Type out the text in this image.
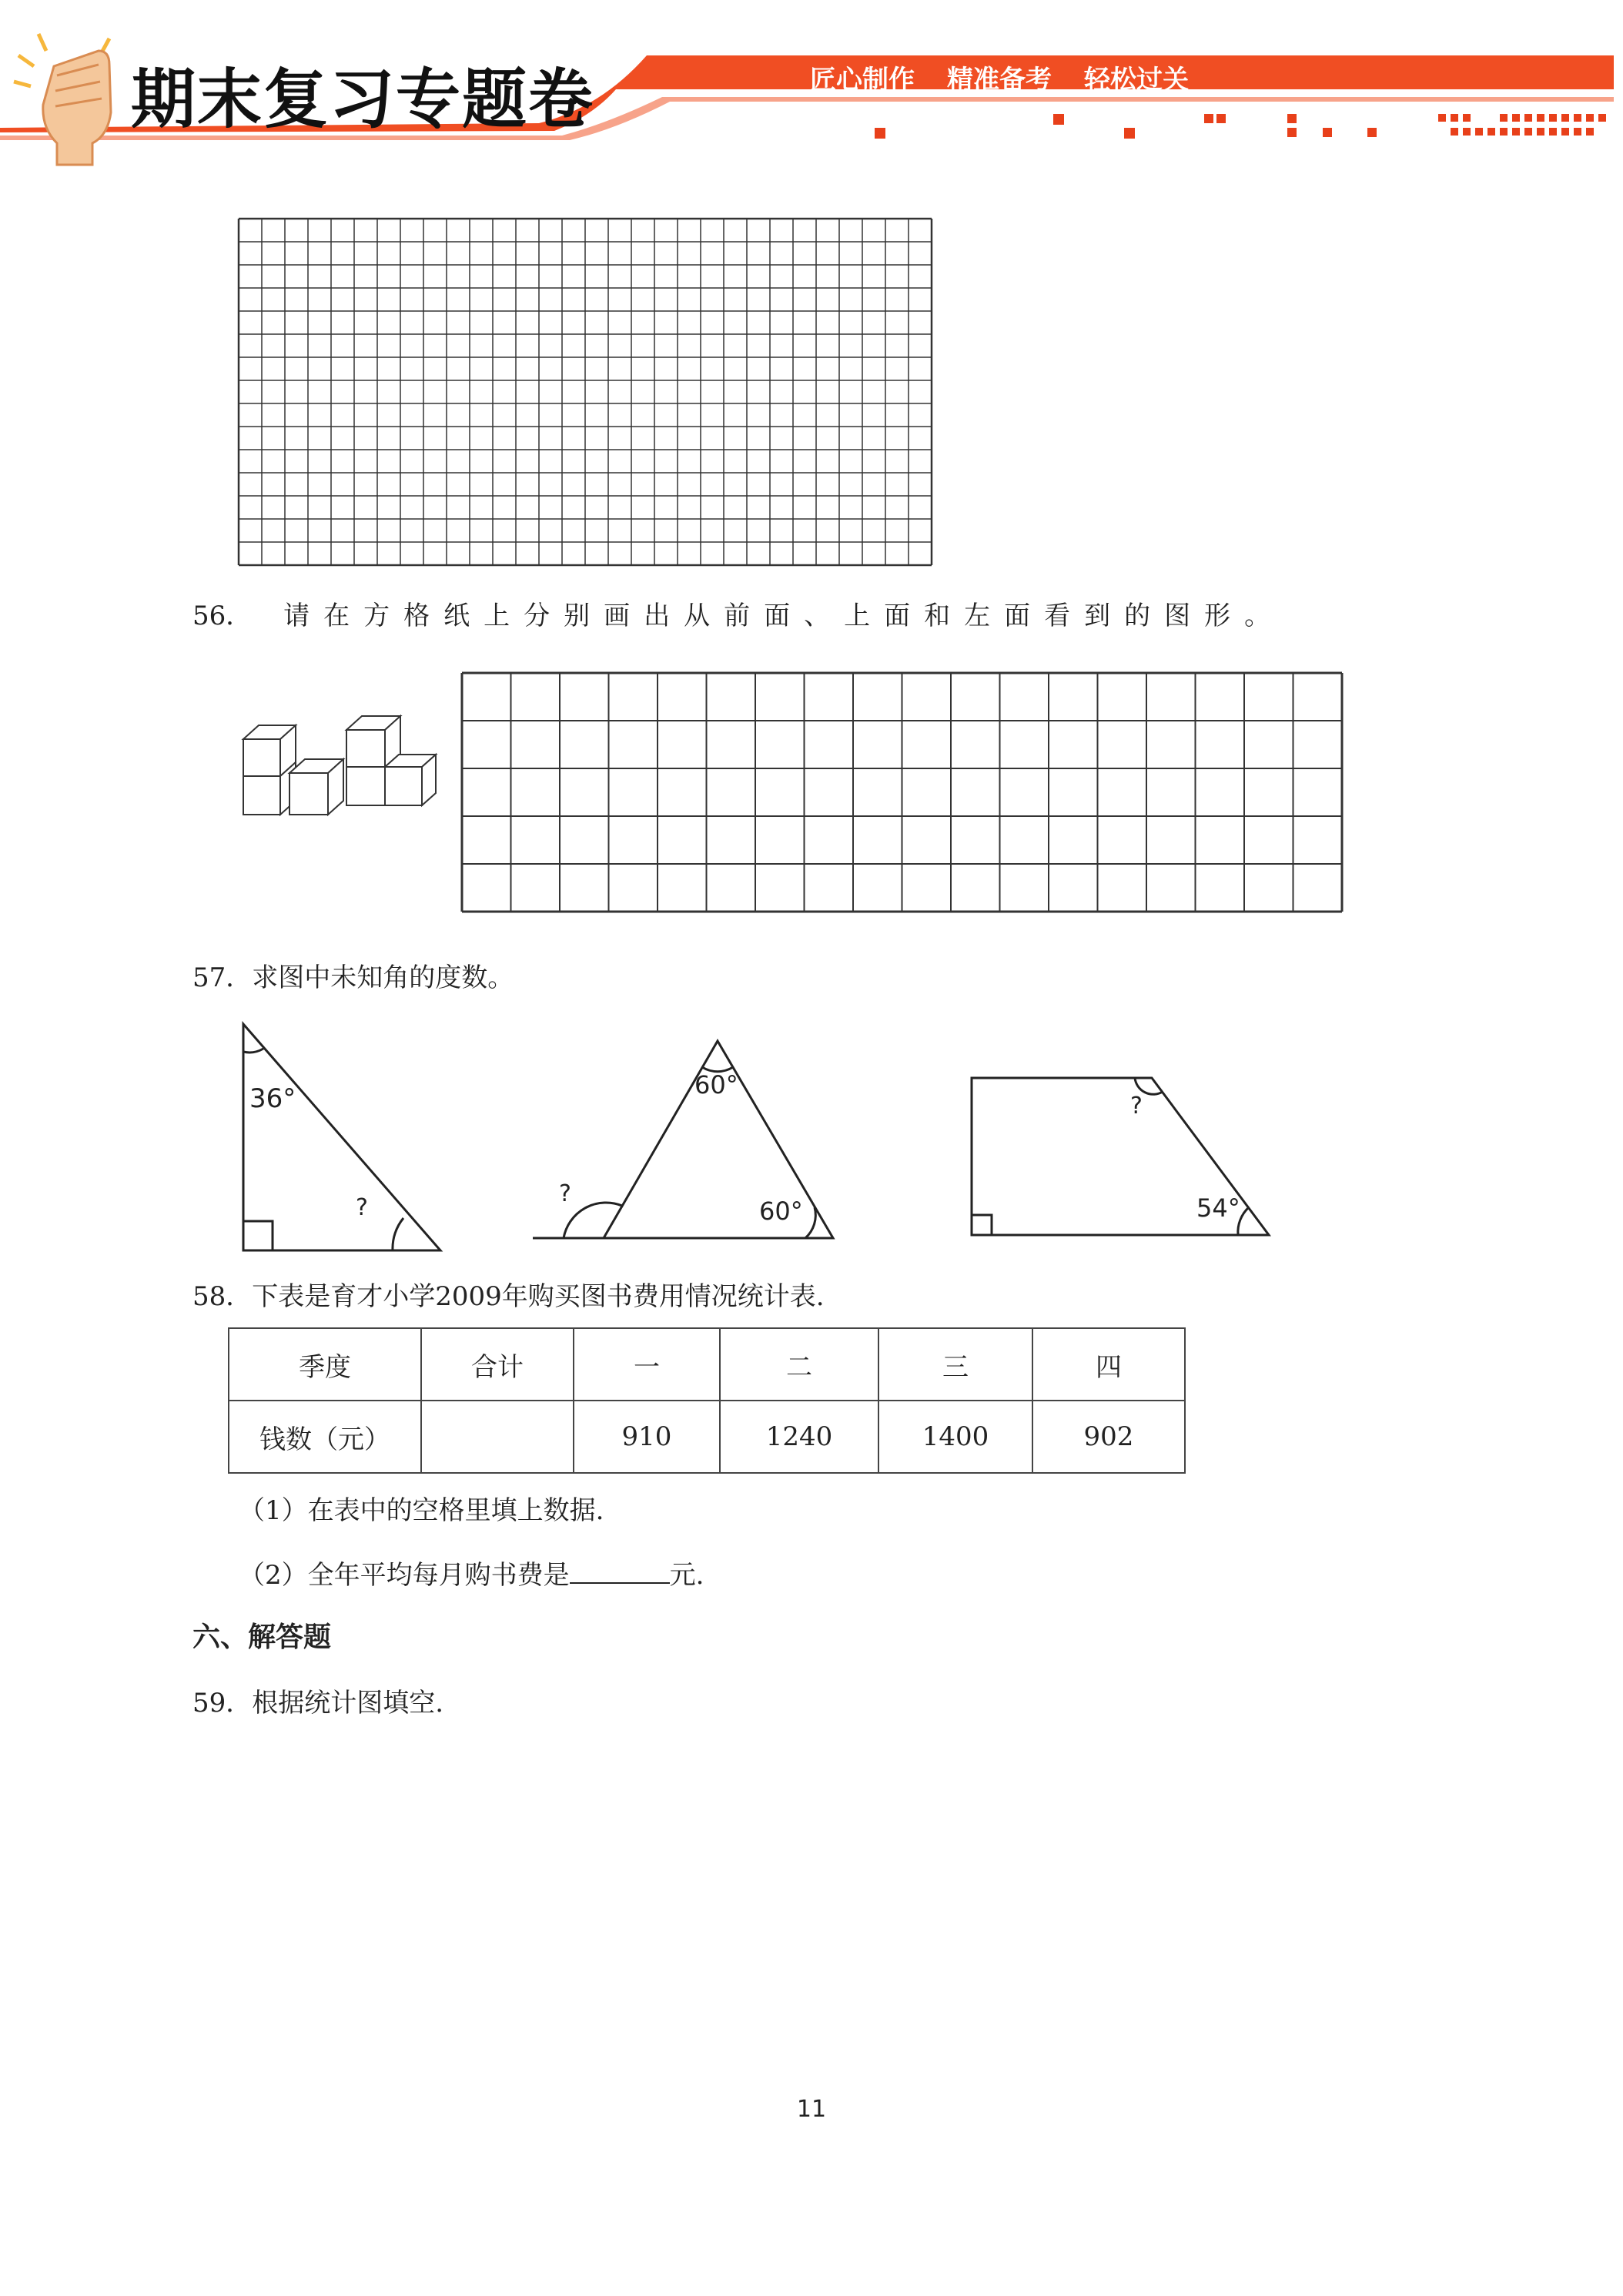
期末复习专题卷	匠心制作 精准备考 轻松过关
56． 请在方格纸上分别画出从前面、上面和左面看到的图形。
57．求图中未知角的度数。
36°
?
60°
?
60°
?
54°
58．下表是育才小学2009年购买图书费用情况统计表.
季度	合计	一	二	三	四
钱数（元）		910	1240	1400	902
（1）在表中的空格里填上数据.
（2）全年平均每月购书费是	元.
六、解答题
59．根据统计图填空.
11
